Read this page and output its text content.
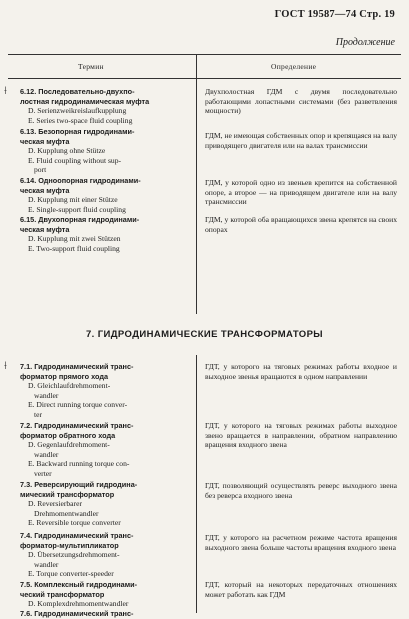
ГОСТ 19587—74 Стр. 19
Продолжение
Термин	Определение
7. ГИДРОДИНАМИЧЕСКИЕ ТРАНСФОРМАТОРЫ
6.12. Последовательно-двухпо-
лостная гидродинамическая муфта
D. Serienzweikreislaufkupplung
E. Series two-space fluid coupling
Двухполостная ГДМ с двумя последовательно работающими лопастными системами (без разветвления мощности)
6.13. Безопорная гидродинами-
ческая муфта
D. Kupplung ohne Stütze
E. Fluid coupling without sup-
port
ГДМ, не имеющая собственных опор и крепящаяся на валу приводящего двигателя или на валах трансмиссии
6.14. Одноопорная гидродинами-
ческая муфта
D. Kupplung mit einer Stütze
E. Single-support fluid coupling
ГДМ, у которой одно из звеньев крепится на собственной опоре, а второе — на приводящем двигателе или на валу трансмиссии
6.15. Двухопорная гидродинами-
ческая муфта
D. Kupplung mit zwei Stützen
E. Two-support fluid coupling
ГДМ, у которой оба вращающихся звена крепятся на своих опорах
7.1. Гидродинамический транс-
форматор прямого хода
D. Gleichlaufdrehmoment-
wandler
E. Direct running torque conver-
ter
ГДТ, у которого на тяговых режимах работы входное и выходное звенья вращаются в одном направлении
7.2. Гидродинамический транс-
форматор обратного хода
D. Gegenlaufdrehmoment-
wandler
E. Backward running torque con-
verter
ГДТ, у которого на тяговых режимах работы выходное звено вращается в направлении, обратном направлению вращения входного звена
7.3. Реверсирующий гидродина-
мический трансформатор
D. Reversierbarer
Drehmomentwandler
E. Reversible torque converter
ГДТ, позволяющий осуществлять реверс выходного звена без реверса входного звена
7.4. Гидродинамический транс-
форматор-мультипликатор
D. Übersetzungsdrehmoment-
wandler
E. Torque converter-speeder
ГДТ, у которого на расчетном режиме частота вращения выходного звена больше частоты вращения входного звена
7.5. Комплексный гидродинами-
ческий трансформатор
D. Komplexdrehmomentwandler
ГДТ, который на некоторых передаточных отношениях может работать как ГДМ
7.6. Гидродинамический транс-
⟊
⟊
